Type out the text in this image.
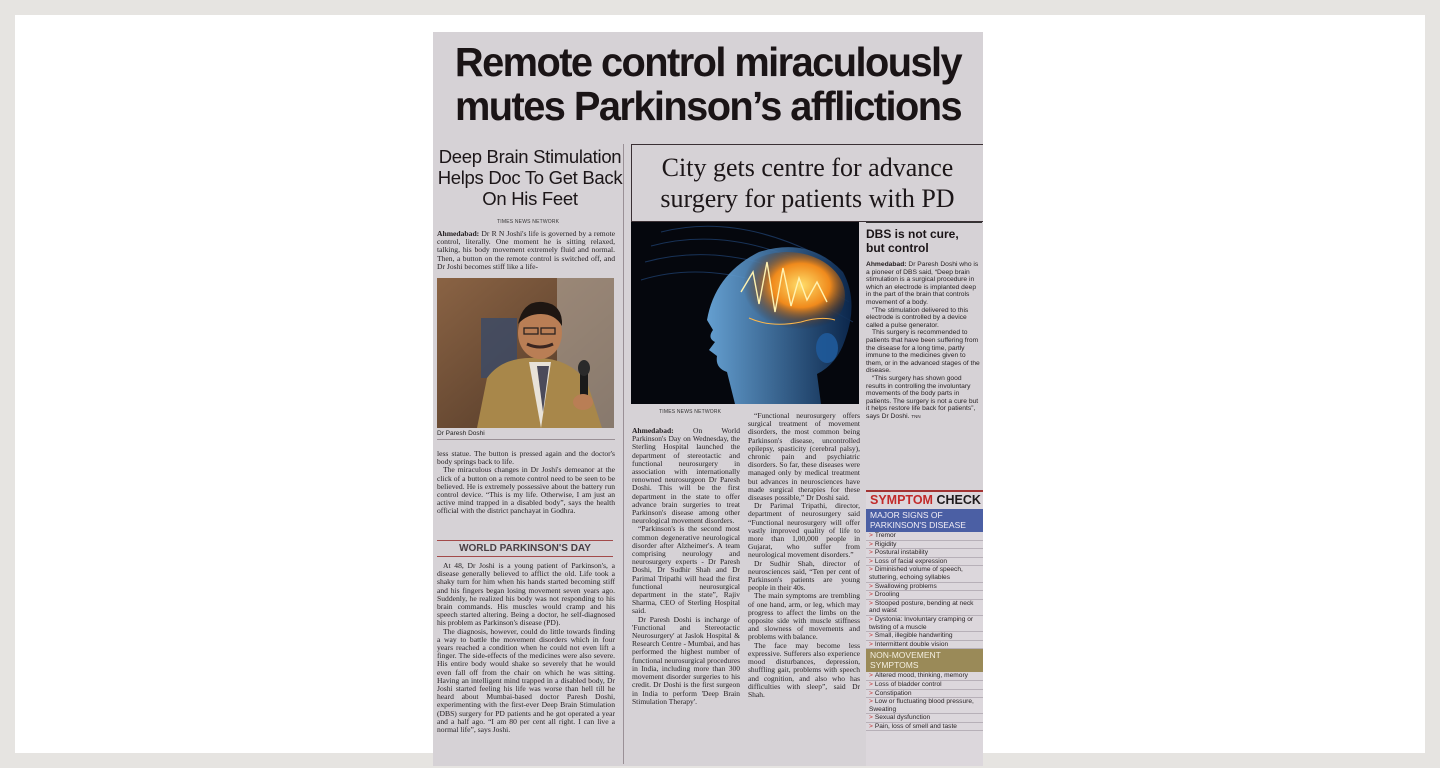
Remote control miraculously
mutes Parkinson’s afflictions
Deep Brain Stimulation
Helps Doc To Get Back
On His Feet
TIMES NEWS NETWORK

Ahmedabad: Dr R N Joshi's life is governed by a remote control, literally. One moment he is sitting relaxed, talking, his body movement extremely fluid and normal. Then, a button on the remote control is switched off, and Dr Joshi becomes stiff like a life-

Dr Paresh Doshi

less statue. The button is pressed again and the doctor's body springs back to life.

The miraculous changes in Dr Joshi's demeanor at the click of a button on a remote control need to be seen to be believed. He is extremely possessive about the battery run control device. “This is my life. Otherwise, I am just an active mind trapped in a disabled body”, says the health official with the district panchayat in Godhra.

WORLD PARKINSON'S DAY

At 48, Dr Joshi is a young patient of Parkinson's, a disease generally believed to afflict the old. Life took a shaky turn for him when his hands started becoming stiff and his fingers began losing movement seven years ago. Suddenly, he realized his body was not responding to his brain commands. His muscles would cramp and his speech started altering. Being a doctor, he self-diagnosed his problem as Parkinson's disease (PD).

The diagnosis, however, could do little towards finding a way to battle the movement disorders which in four years reached a condition when he could not even lift a finger. The side-effects of the medicines were also severe. His entire body would shake so severely that he would even fall off from the chair on which he was sitting. Having an intelligent mind trapped in a disabled body, Dr Joshi started feeling his life was worse than hell till he heard about Mumbai-based doctor Paresh Doshi, experimenting with the first-ever Deep Brain Stimulation (DBS) surgery for PD patients and he got operated a year and a half ago. “I am 80 per cent all right. I can live a normal life”, says Joshi.

City gets centre for advance
surgery for patients with PD
TIMES NEWS NETWORK

Ahmedabad:	On World Parkinson's Day on Wednesday, the Sterling Hospital launched the department of stereotactic and functional neurosurgery in association with internationally renowned neurosurgeon Dr Paresh Doshi. This will be the first department in the state to offer advance brain surgeries to treat Parkinson's disease among other neurological movement disorders.

“Parkinson's is the second most common degenerative neurological disorder after Alzheimer's. A team comprising neurology and neurosurgery experts - Dr Paresh Doshi, Dr Sudhir Shah and Dr Parimal Tripathi will head the first functional neurosurgical department in the state”, Rajiv Sharma, CEO of Sterling Hospital said.

Dr Paresh Doshi is incharge of 'Functional and Stereotactic Neurosurgery' at Jaslok Hospital & Research Centre - Mumbai, and has performed the highest number of functional neurosurgical procedures in India, including more than 300 movement disorder surgeries to his credit. Dr Doshi is the first surgeon in India to perform 'Deep Brain Stimulation Therapy'.

“Functional neurosurgery offers surgical treatment of movement disorders, the most common being Parkinson's disease, uncontrolled epilepsy, spasticity (cerebral palsy), chronic pain and psychiatric disorders. So far, these diseases were managed only by medical treatment but advances in neurosciences have made surgical therapies for these diseases possible,” Dr Doshi said.

Dr Parimal Tripathi, director, department of neurosurgery said “Functional neurosurgery will offer vastly improved quality of life to more than 1,00,000 people in Gujarat, who suffer from neurological movement disorders.”

Dr Sudhir Shah, director of neurosciences said, “Ten per cent of Parkinson's patients are young people in their 40s.

The main symptoms are trembling of one hand, arm, or leg, which may progress to affect the limbs on the opposite side with muscle stiffness and slowness of movements and problems with balance.

The face may become less expressive. Sufferers also experience mood disturbances, depression, shuffling gait, problems with speech and cognition, and also who has difficulties with sleep”, said Dr Shah.

DBS is not cure,
but control

Ahmedabad: Dr Paresh Doshi who is a pioneer of DBS said, “Deep brain stimulation is a surgical procedure in which an electrode is implanted deep in the part of the brain that controls movement of a body.

“The stimulation delivered to this electrode is controlled by a device called a pulse generator.

This surgery is recommended to patients that have been suffering from the disease for a long time, partly immune to the medicines given to them, or in the advanced stages of the disease.

“This surgery has shown good results in controlling the involuntary movements of the body parts in patients. The surgery is not a cure but it helps restore life back for patients”, says Dr Doshi. TNN

SYMPTOM CHECK
MAJOR SIGNS OF
PARKINSON'S DISEASE
> Tremor
> Rigidity
> Postural instability
> Loss of facial expression
> Diminished volume of speech, stuttering, echoing syllables
> Swallowing problems
> Drooling
> Stooped posture, bending at neck and waist
> Dystonia: Involuntary cramping or twisting of a muscle
> Small, illegible handwriting
> Intermittent double vision
NON-MOVEMENT
SYMPTOMS
> Altered mood, thinking, memory
> Loss of bladder control
> Constipation
> Low or fluctuating blood pressure, Sweating
> Sexual dysfunction
> Pain, loss of smell and taste
